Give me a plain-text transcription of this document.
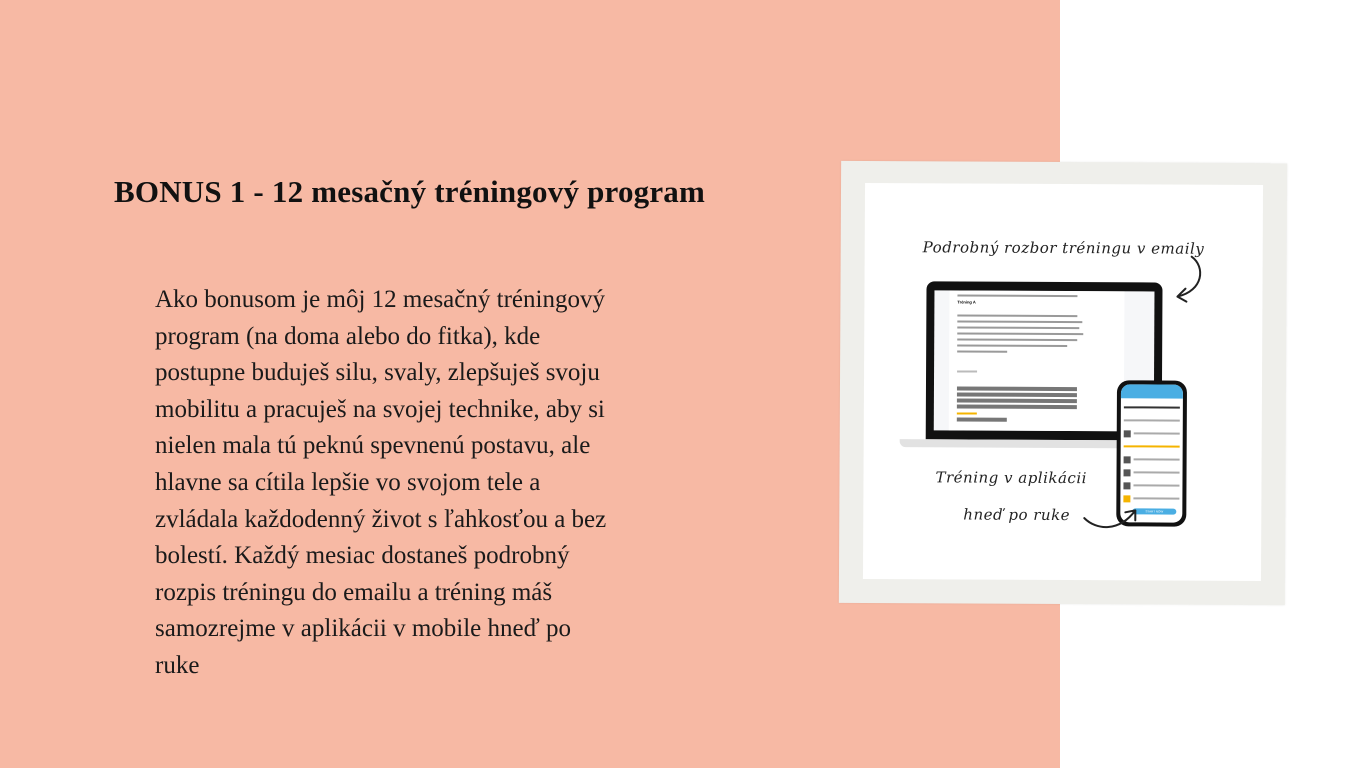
BONUS 1 - 12 mesačný tréningový program
Ako bonusom je môj 12 mesačný tréningový
program (na doma alebo do fitka), kde
postupne buduješ silu, svaly, zlepšuješ svoju
mobilitu a pracuješ na svojej technike, aby si
nielen mala tú peknú spevnenú postavu, ale
hlavne sa cítila lepšie vo svojom tele a
zvládala každodenný život s ľahkosťou a bez
bolestí. Každý mesiac dostaneš podrobný
rozpis tréningu do emailu a tréning máš
samozrejme v aplikácii v mobile hneď po
ruke
Podrobný rozbor tréningu v emaily
Tréning A
START NOW
Tréning v aplikácii
hneď po ruke
